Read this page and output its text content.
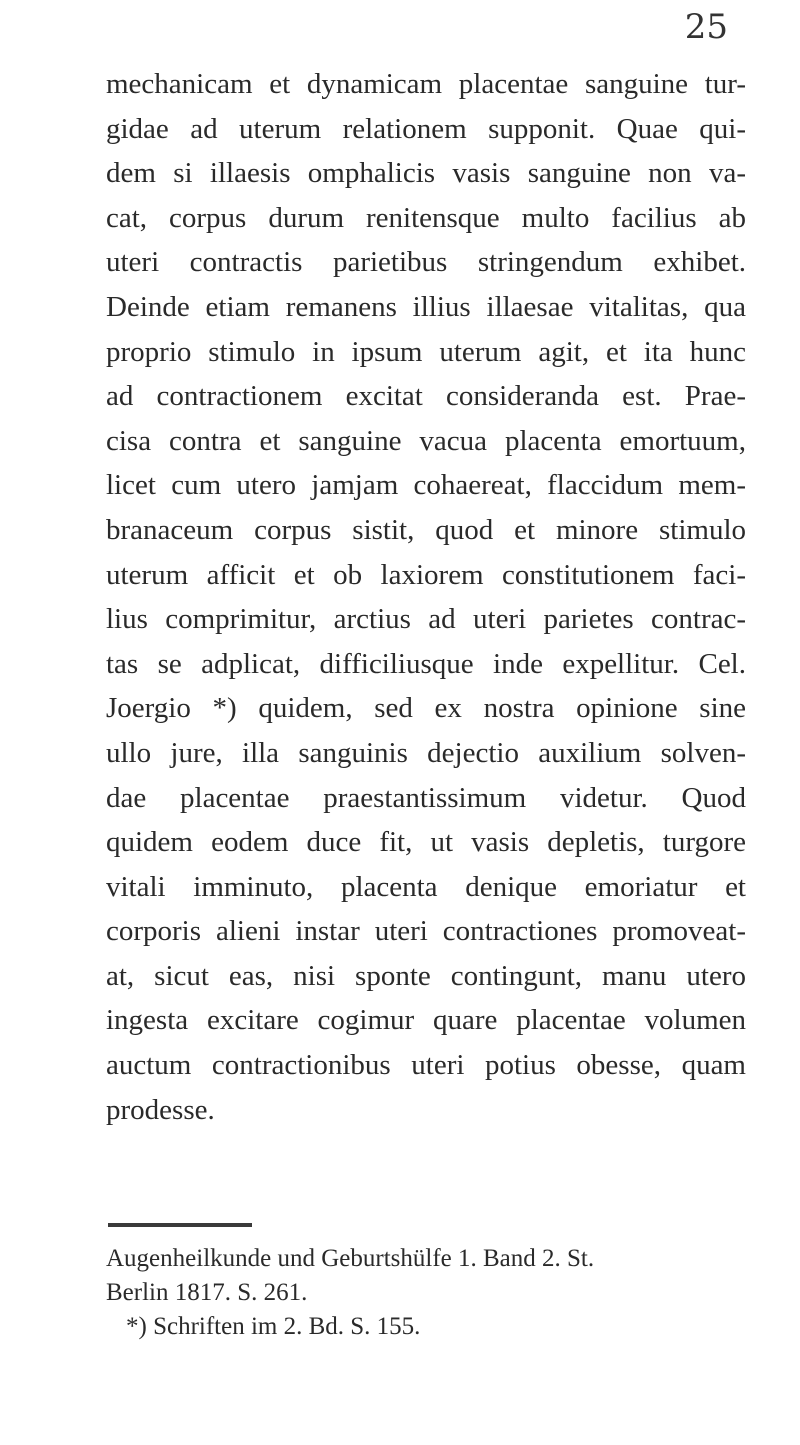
25
mechanicam et dynamicam placentae sanguine tur-
gidae ad uterum relationem supponit. Quae qui-
dem si illaesis omphalicis vasis sanguine non va-
cat, corpus durum renitensque multo facilius ab
uteri contractis parietibus stringendum exhibet.
Deinde etiam remanens illius illaesae vitalitas, qua
proprio stimulo in ipsum uterum agit, et ita hunc
ad contractionem excitat consideranda est. Prae-
cisa contra et sanguine vacua placenta emortuum,
licet cum utero jamjam cohaereat, flaccidum mem-
branaceum corpus sistit, quod et minore stimulo
uterum afficit et ob laxiorem constitutionem faci-
lius comprimitur, arctius ad uteri parietes contrac-
tas se adplicat, difficiliusque inde expellitur. Cel.
Joergio *) quidem, sed ex nostra opinione sine
ullo jure, illa sanguinis dejectio auxilium solven-
dae placentae praestantissimum videtur. Quod
quidem eodem duce fit, ut vasis depletis, turgore
vitali imminuto, placenta denique emoriatur et
corporis alieni instar uteri contractiones promoveat-
at, sicut eas, nisi sponte contingunt, manu utero
ingesta excitare cogimur quare placentae volumen
auctum contractionibus uteri potius obesse, quam
prodesse.
Augenheilkunde und Geburtshülfe 1. Band 2. St.
Berlin 1817. S. 261.
*) Schriften im 2. Bd. S. 155.
